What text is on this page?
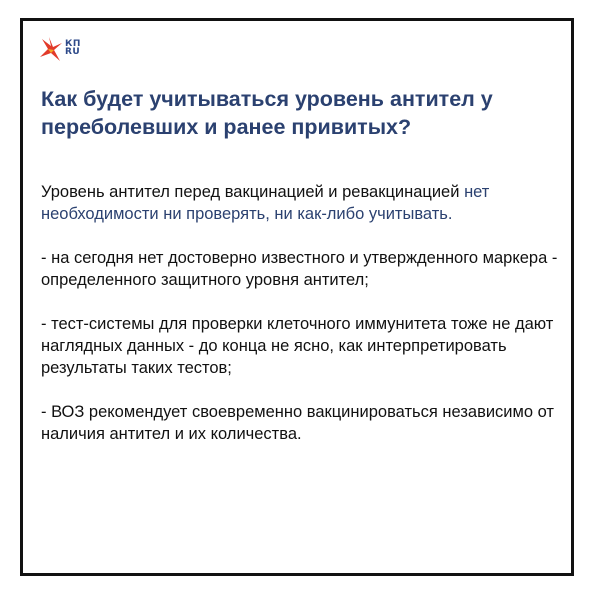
КП
RU
Как будет учитываться уровень антител у переболевших и ранее привитых?

Уровень антител перед вакцинацией и ревакцинацией нет необходимости ни проверять, ни как-либо учитывать.

- на сегодня нет достоверно известного и утвержденного маркера - определенного защитного уровня антител;

- тест-системы для проверки клеточного иммунитета тоже не дают наглядных данных - до конца не ясно, как интерпретировать результаты таких тестов;

- ВОЗ рекомендует своевременно вакцинироваться независимо от наличия антител и их количества.
